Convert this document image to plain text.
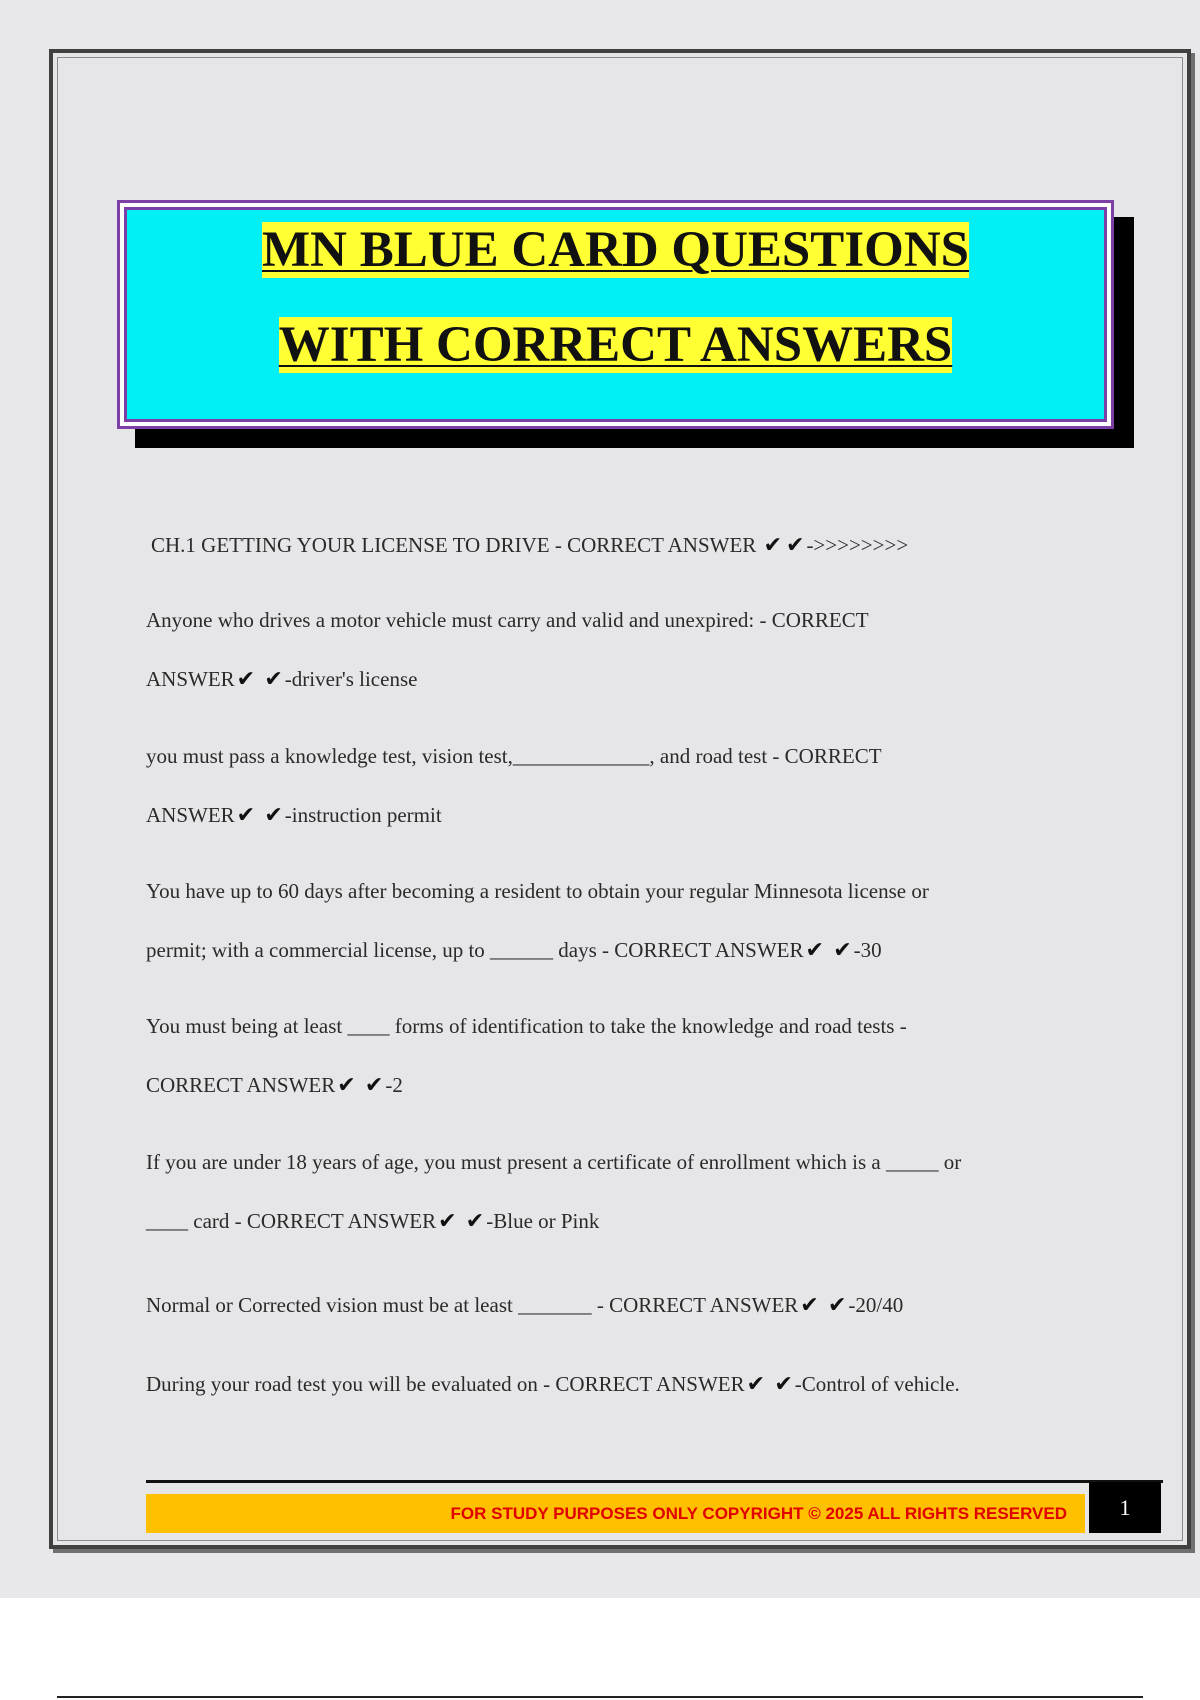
MN BLUE CARD QUESTIONS
WITH CORRECT ANSWERS
CH.1 GETTING YOUR LICENSE TO DRIVE - CORRECT ANSWER ✔ ✔->>>>>>>>
Anyone who drives a motor vehicle must carry and valid and unexpired: - CORRECT
ANSWER✔ ✔-driver's license
you must pass a knowledge test, vision test,_____________, and road test - CORRECT
ANSWER✔ ✔-instruction permit
You have up to 60 days after becoming a resident to obtain your regular Minnesota license or
permit; with a commercial license, up to ______ days - CORRECT ANSWER✔ ✔-30
You must being at least ____ forms of identification to take the knowledge and road tests -
CORRECT ANSWER✔ ✔-2
If you are under 18 years of age, you must present a certificate of enrollment which is a _____ or
____ card - CORRECT ANSWER✔ ✔-Blue or Pink
Normal or Corrected vision must be at least _______ - CORRECT ANSWER✔ ✔-20/40
During your road test you will be evaluated on - CORRECT ANSWER✔ ✔-Control of vehicle.
FOR STUDY PURPOSES ONLY COPYRIGHT © 2025 ALL RIGHTS RESERVED	1
